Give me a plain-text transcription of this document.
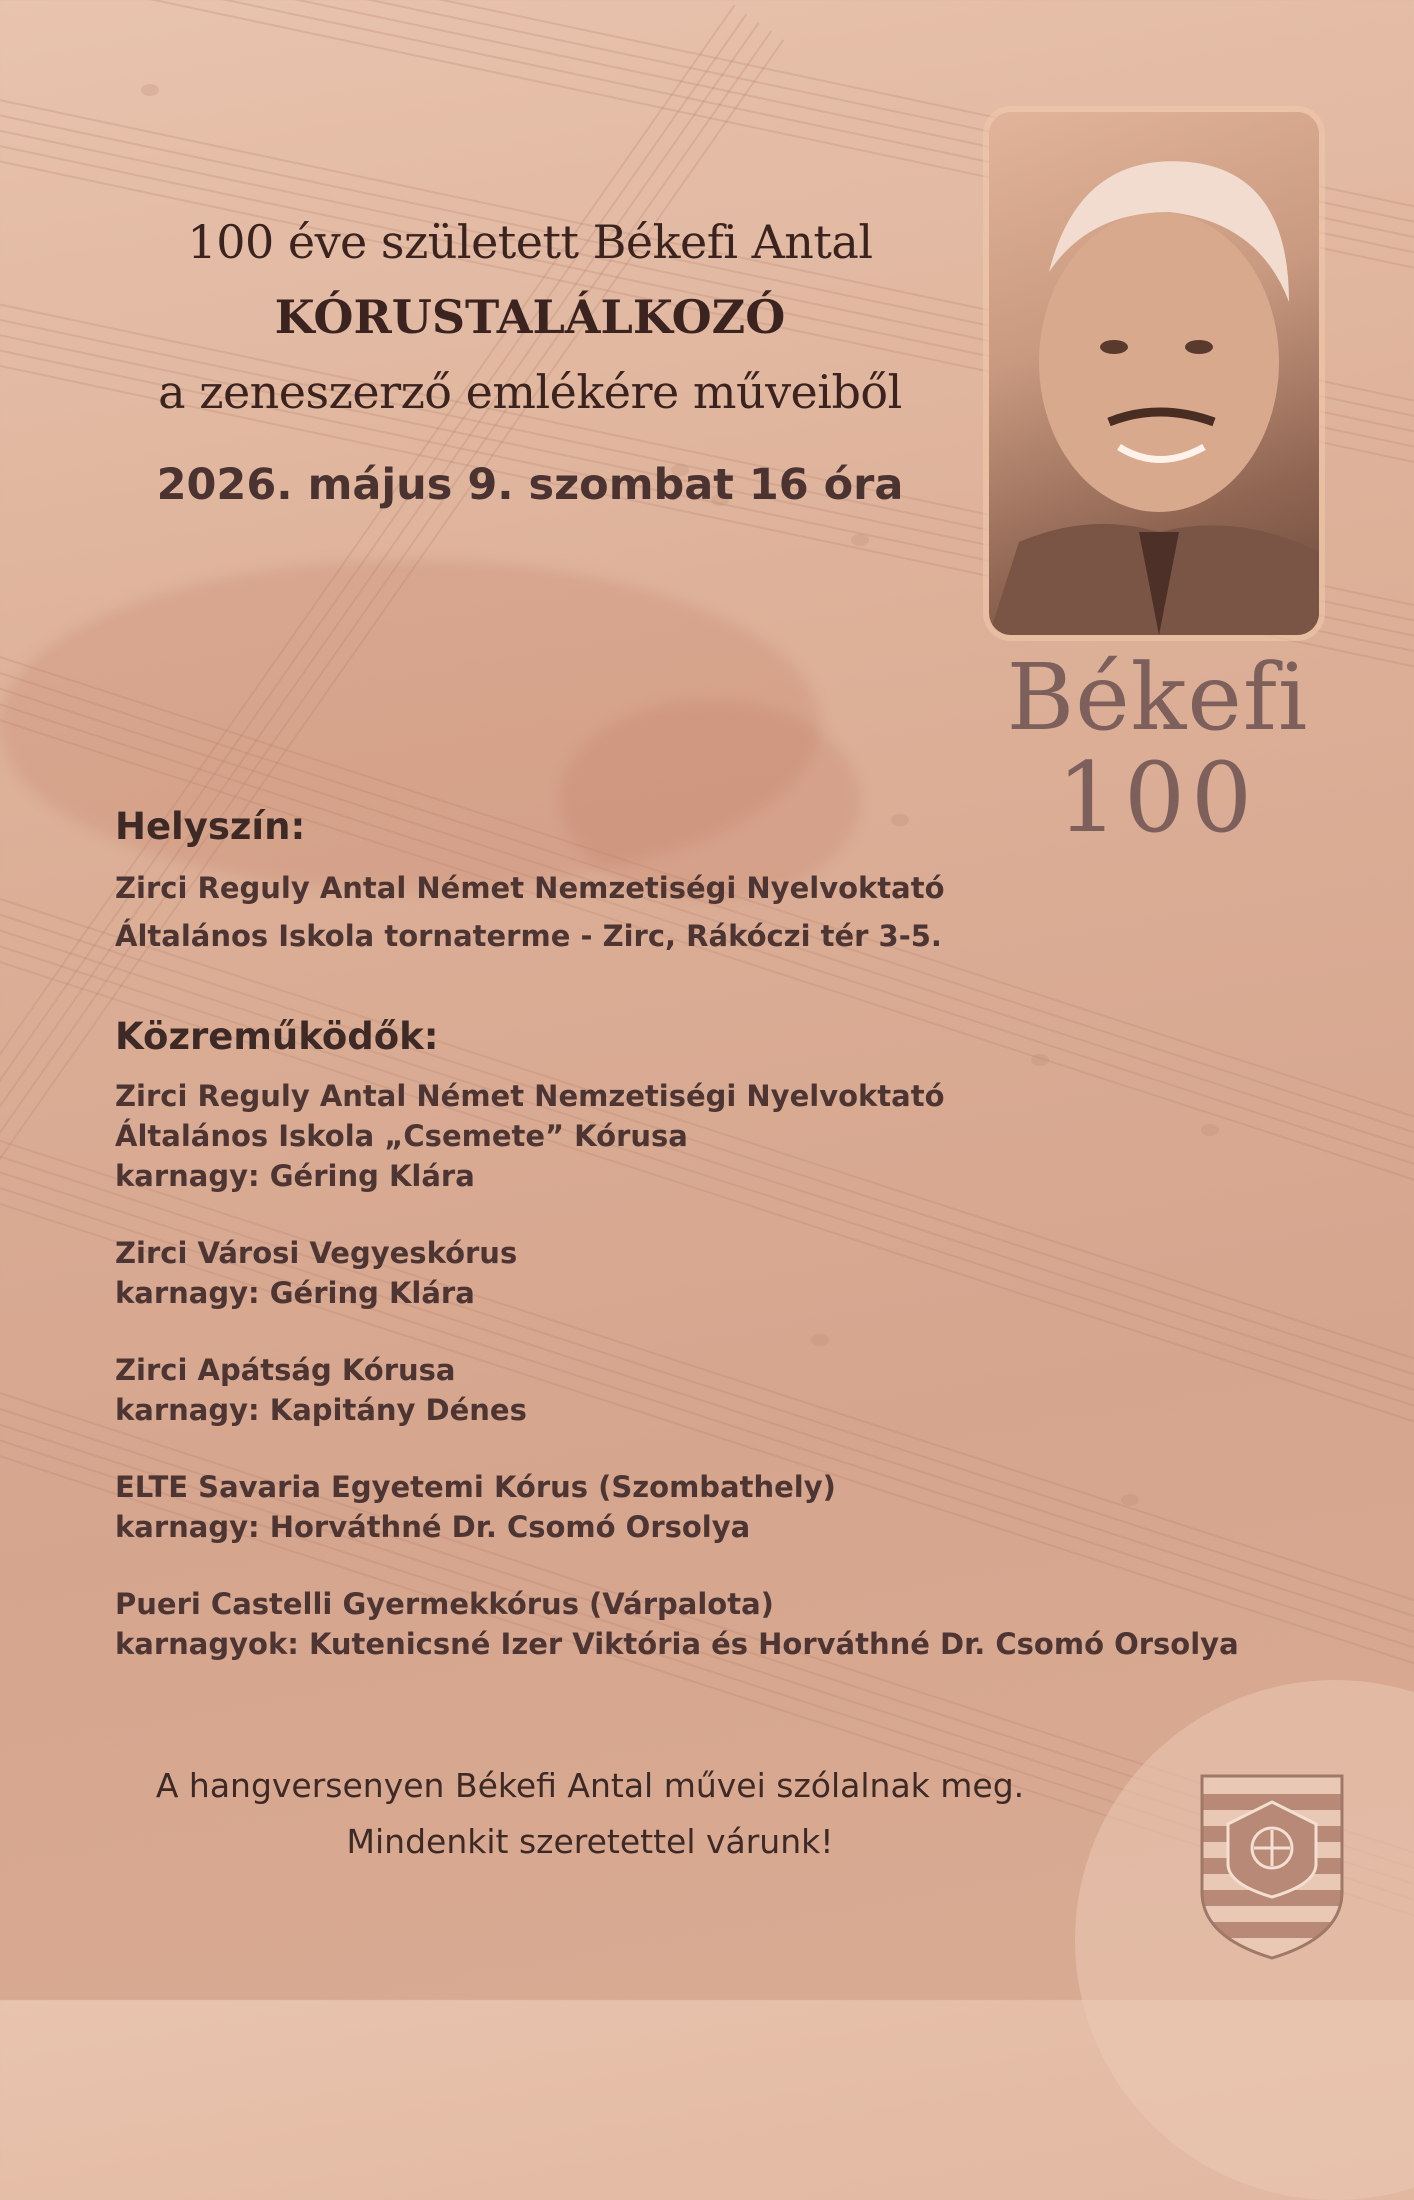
100 éve született Békefi Antal
KÓRUSTALÁLKOZÓ
a zeneszerző emlékére műveiből
2026. május 9. szombat 16 óra
Békefi
100
Helyszín:
Zirci Reguly Antal Német Nemzetiségi Nyelvoktató
Általános Iskola tornaterme - Zirc, Rákóczi tér 3-5.
Közreműködők:
Zirci Reguly Antal Német Nemzetiségi Nyelvoktató
Általános Iskola „Csemete” Kórusa
karnagy: Géring Klára
Zirci Városi Vegyeskórus
karnagy: Géring Klára
Zirci Apátság Kórusa
karnagy: Kapitány Dénes
ELTE Savaria Egyetemi Kórus (Szombathely)
karnagy: Horváthné Dr. Csomó Orsolya
Pueri Castelli Gyermekkórus (Várpalota)
karnagyok: Kutenicsné Izer Viktória és Horváthné Dr. Csomó Orsolya
A hangversenyen Békefi Antal művei szólalnak meg.
Mindenkit szeretettel várunk!
